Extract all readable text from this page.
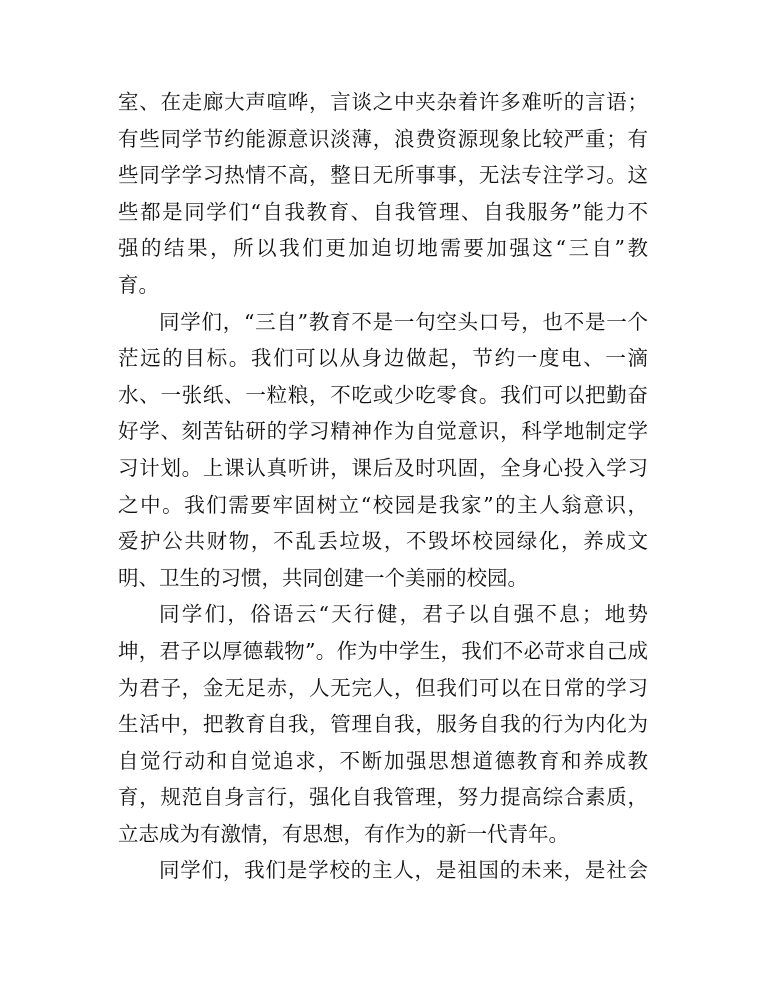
室、在走廊大声喧哗，言谈之中夹杂着许多难听的言语；
有些同学节约能源意识淡薄，浪费资源现象比较严重；有
些同学学习热情不高，整日无所事事，无法专注学习。这
些都是同学们“自我教育、自我管理、自我服务”能力不
强的结果，所以我们更加迫切地需要加强这“三自”教
育。
同学们，“三自”教育不是一句空头口号，也不是一个
茫远的目标。我们可以从身边做起，节约一度电、一滴
水、一张纸、一粒粮，不吃或少吃零食。我们可以把勤奋
好学、刻苦钻研的学习精神作为自觉意识，科学地制定学
习计划。上课认真听讲，课后及时巩固，全身心投入学习
之中。我们需要牢固树立“校园是我家”的主人翁意识，
爱护公共财物，不乱丢垃圾，不毁坏校园绿化，养成文
明、卫生的习惯，共同创建一个美丽的校园。
同学们，俗语云“天行健，君子以自强不息；地势
坤，君子以厚德载物”。作为中学生，我们不必苛求自己成
为君子，金无足赤，人无完人，但我们可以在日常的学习
生活中，把教育自我，管理自我，服务自我的行为内化为
自觉行动和自觉追求，不断加强思想道德教育和养成教
育，规范自身言行，强化自我管理，努力提高综合素质，
立志成为有激情，有思想，有作为的新一代青年。
同学们，我们是学校的主人，是祖国的未来，是社会
